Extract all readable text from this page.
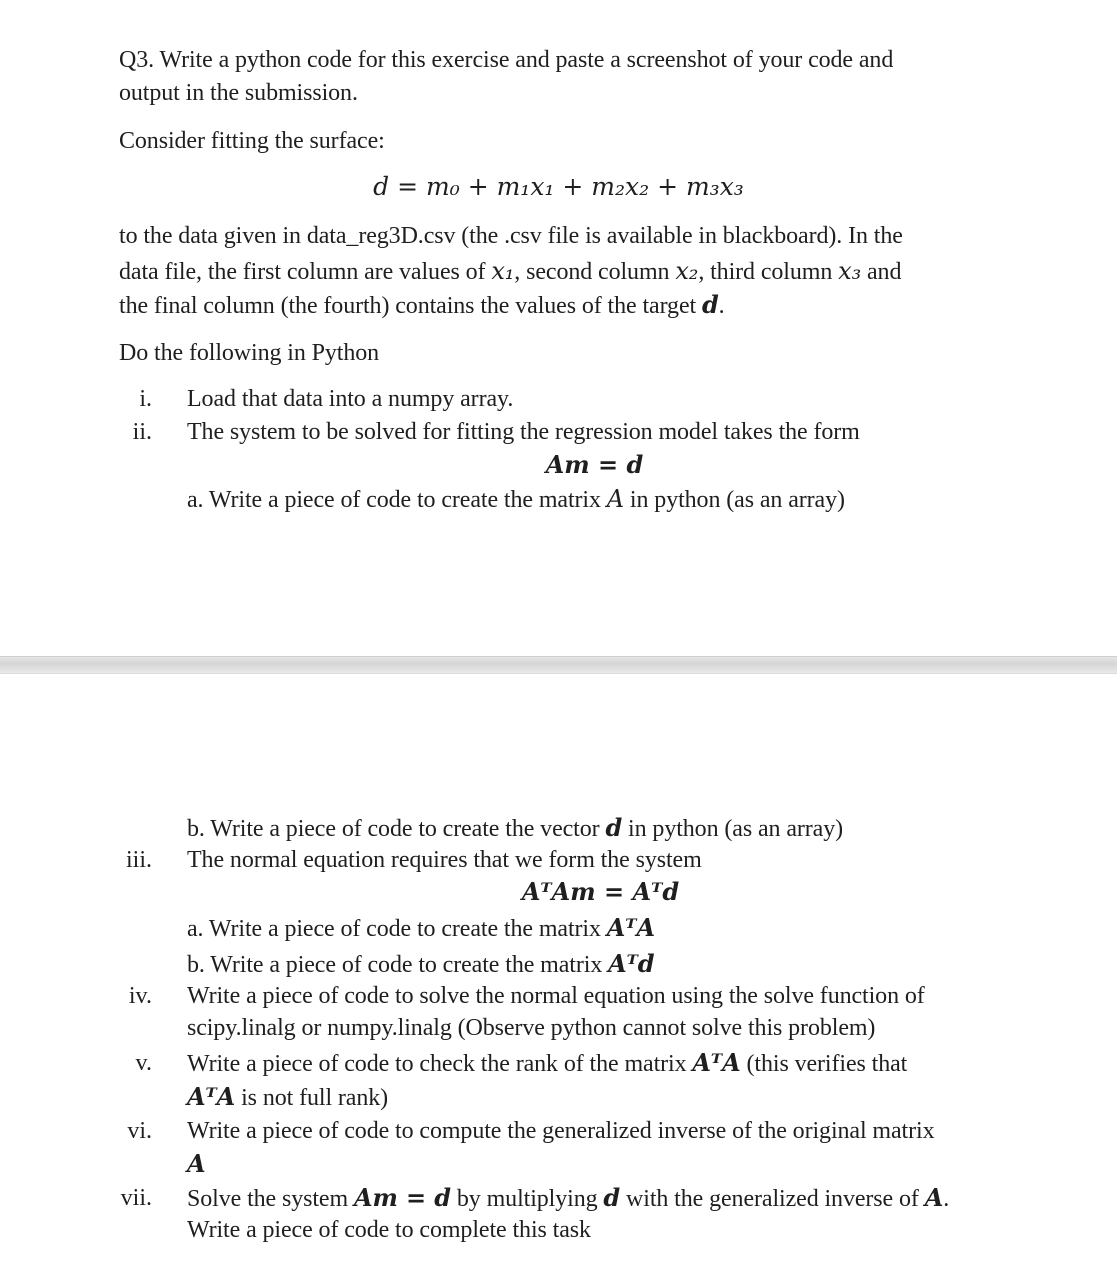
Q3. Write a python code for this exercise and paste a screenshot of your code and
output in the submission.
Consider fitting the surface:
d = m₀ + m₁x₁ + m₂x₂ + m₃x₃
to the data given in data_reg3D.csv (the .csv file is available in blackboard). In the
data file, the first column are values of x₁, second column x₂, third column x₃ and
the final column (the fourth) contains the values of the target d.
Do the following in Python
i. Load that data into a numpy array.
ii. The system to be solved for fitting the regression model takes the form
Am = d
a. Write a piece of code to create the matrix A in python (as an array)
b. Write a piece of code to create the vector d in python (as an array)
iii. The normal equation requires that we form the system
AᵀAm = Aᵀd
a. Write a piece of code to create the matrix AᵀA
b. Write a piece of code to create the matrix Aᵀd
iv. Write a piece of code to solve the normal equation using the solve function of
scipy.linalg or numpy.linalg (Observe python cannot solve this problem)
v. Write a piece of code to check the rank of the matrix AᵀA (this verifies that
AᵀA is not full rank)
vi. Write a piece of code to compute the generalized inverse of the original matrix
A
vii. Solve the system Am = d by multiplying d with the generalized inverse of A.
Write a piece of code to complete this task
